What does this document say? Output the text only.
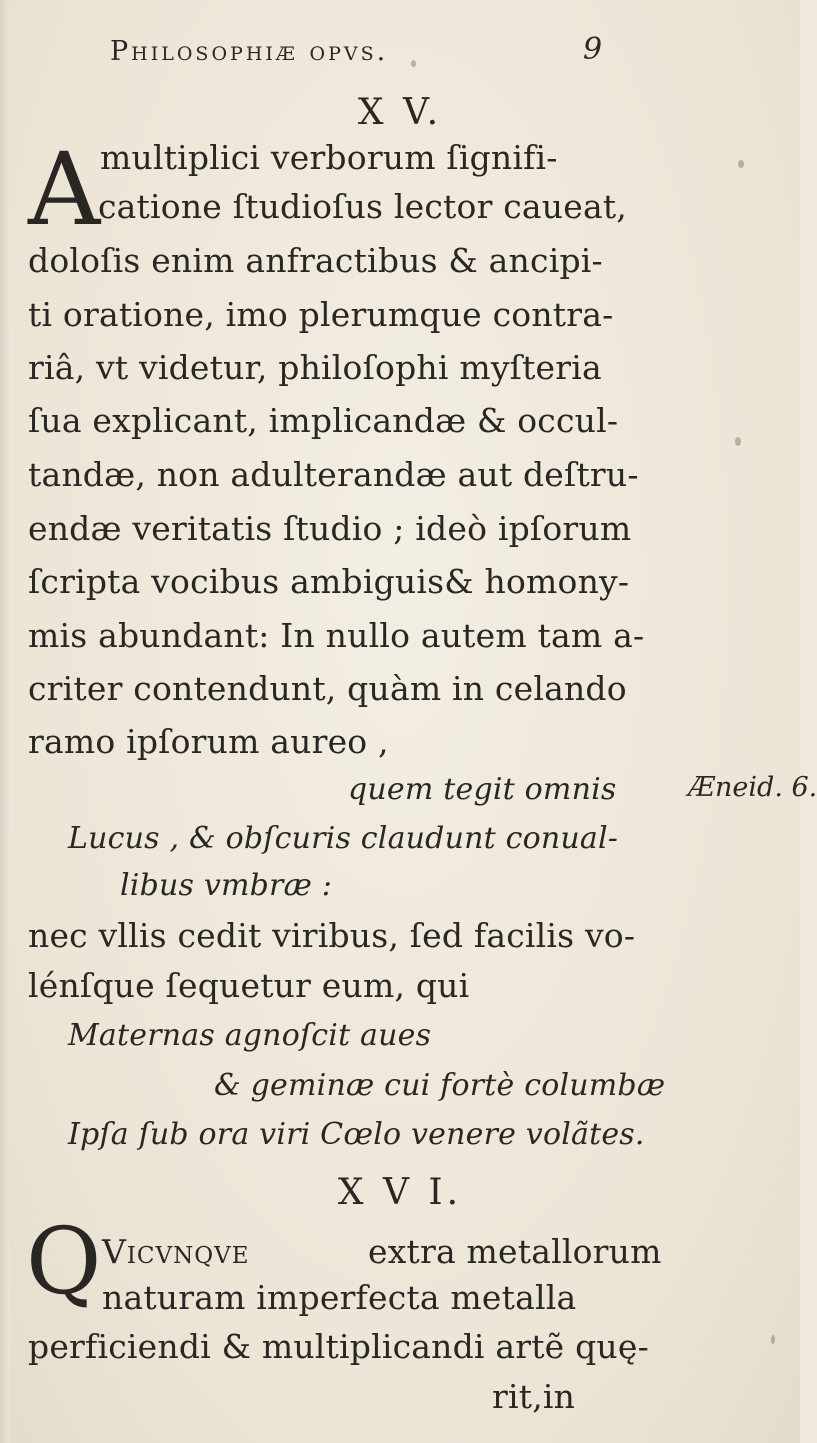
Philosophiæ opvs.	9
X V.
A multiplici verborum ſignifi-
catione ſtudioſus lector caueat,
doloſis enim anfractibus & ancipi-
ti oratione, imo plerumque contra-
riâ, vt videtur, philoſophi myſteria
ſua explicant, implicandæ & occul-
tandæ, non adulterandæ aut deſtru-
endæ veritatis ſtudio ; ideò ipſorum
ſcripta vocibus ambiguis& homony-
mis abundant: In nullo autem tam a-
criter contendunt, quàm in celando
ramo ipſorum aureo ,
quem tegit omnis	Æneid. 6.
Lucus , & obſcuris claudunt conual-
libus vmbræ :
nec vllis cedit viribus, ſed facilis vo-
lénſque ſequetur eum, qui
Maternas agnoſcit aues
& geminæ cui fortè columbæ
Ipſa ſub ora viri Cœlo venere volãtes.
X V I.
Q Vicvnqve	extra metallorum
naturam imperfecta metalla
perficiendi & multiplicandi artẽ quę-
rit,in
